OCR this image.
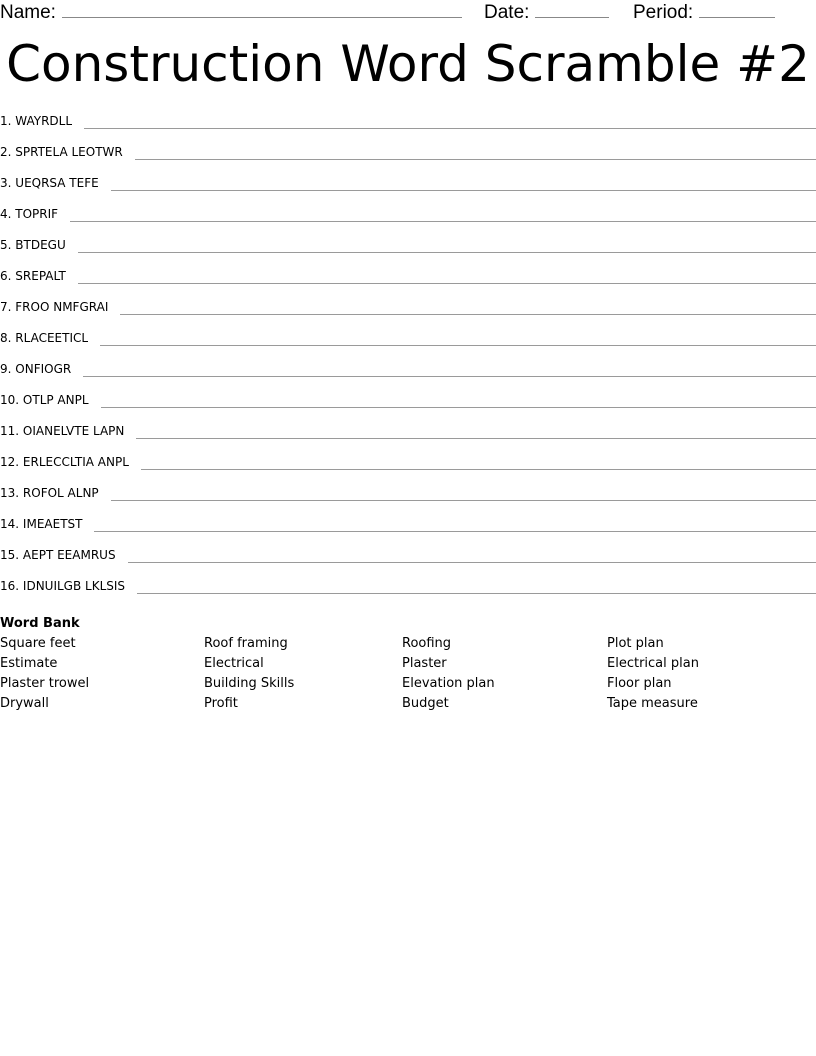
Name:	Date:	Period:
Construction Word Scramble #2
1. WAYRDLL
2. SPRTELA LEOTWR
3. UEQRSA TEFE
4. TOPRIF
5. BTDEGU
6. SREPALT
7. FROO NMFGRAI
8. RLACEETICL
9. ONFIOGR
10. OTLP ANPL
11. OIANELVTE LAPN
12. ERLECCLTIA ANPL
13. ROFOL ALNP
14. IMEAETST
15. AEPT EEAMRUS
16. IDNUILGB LKLSIS
Word Bank
Square feet
Estimate
Plaster trowel
Drywall
Roof framing
Electrical
Building Skills
Profit
Roofing
Plaster
Elevation plan
Budget
Plot plan
Electrical plan
Floor plan
Tape measure
